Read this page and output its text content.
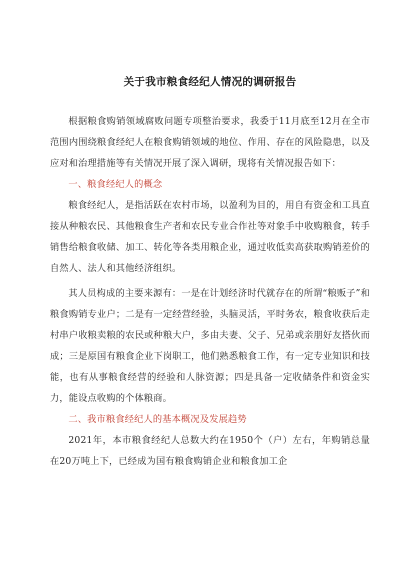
关于我市粮食经纪人情况的调研报告

根据粮食购销领域腐败问题专项整治要求，我委于11月底至12月在全市范围内围绕粮食经纪人在粮食购销领域的地位、作用、存在的风险隐患，以及应对和治理措施等有关情况开展了深入调研，现将有关情况报告如下：

一、粮食经纪人的概念

粮食经纪人，是指活跃在农村市场，以盈利为目的，用自有资金和工具直接从种粮农民、其他粮食生产者和农民专业合作社等对象手中收购粮食，转手销售给粮食收储、加工、转化等各类用粮企业，通过收低卖高获取购销差价的自然人、法人和其他经济组织。

其人员构成的主要来源有：一是在计划经济时代就存在的所谓“粮贩子”和粮食购销专业户；二是有一定经营经验，头脑灵活，平时务农，粮食收获后走村串户收粮卖粮的农民或种粮大户，多由夫妻、父子、兄弟或亲朋好友搭伙而成；三是原国有粮食企业下岗职工，他们熟悉粮食工作，有一定专业知识和技能，也有从事粮食经营的经验和人脉资源；四是具备一定收储条件和资金实力，能设点收购的个体粮商。

二、我市粮食经纪人的基本概况及发展趋势

2021年，本市粮食经纪人总数大约在1950个（户）左右，年购销总量在20万吨上下，已经成为国有粮食购销企业和粮食加工企
